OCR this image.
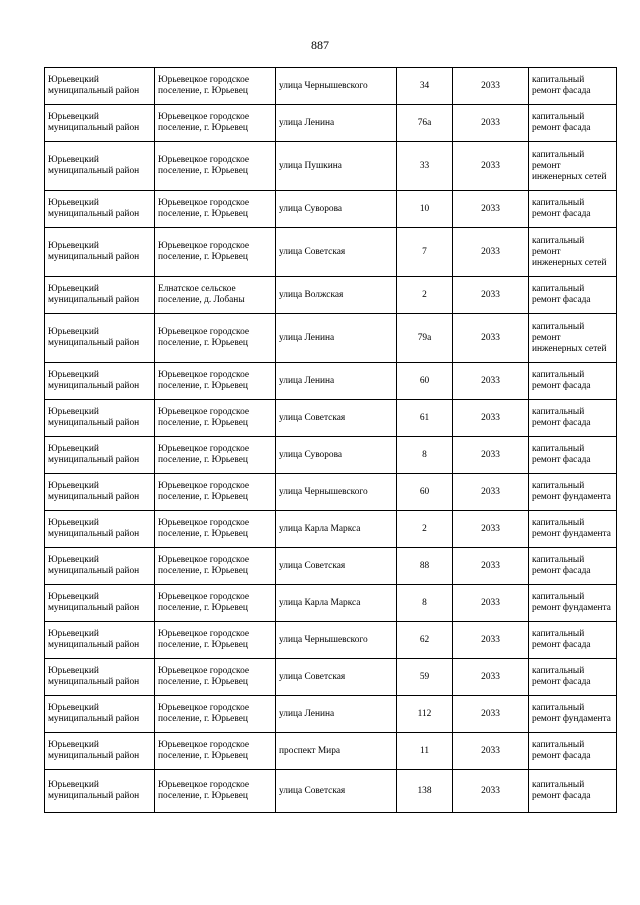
887
Юрьевецкий муниципальный район	Юрьевецкое городское поселение, г. Юрьевец	улица Чернышевского	34	2033	капитальный ремонт фасада
Юрьевецкий муниципальный район	Юрьевецкое городское поселение, г. Юрьевец	улица Ленина	76а	2033	капитальный ремонт фасада
Юрьевецкий муниципальный район	Юрьевецкое городское поселение, г. Юрьевец	улица Пушкина	33	2033	капитальный ремонт инженерных сетей
Юрьевецкий муниципальный район	Юрьевецкое городское поселение, г. Юрьевец	улица Суворова	10	2033	капитальный ремонт фасада
Юрьевецкий муниципальный район	Юрьевецкое городское поселение, г. Юрьевец	улица Советская	7	2033	капитальный ремонт инженерных сетей
Юрьевецкий муниципальный район	Елнатское сельское поселение, д. Лобаны	улица Волжская	2	2033	капитальный ремонт фасада
Юрьевецкий муниципальный район	Юрьевецкое городское поселение, г. Юрьевец	улица Ленина	79а	2033	капитальный ремонт инженерных сетей
Юрьевецкий муниципальный район	Юрьевецкое городское поселение, г. Юрьевец	улица Ленина	60	2033	капитальный ремонт фасада
Юрьевецкий муниципальный район	Юрьевецкое городское поселение, г. Юрьевец	улица Советская	61	2033	капитальный ремонт фасада
Юрьевецкий муниципальный район	Юрьевецкое городское поселение, г. Юрьевец	улица Суворова	8	2033	капитальный ремонт фасада
Юрьевецкий муниципальный район	Юрьевецкое городское поселение, г. Юрьевец	улица Чернышевского	60	2033	капитальный ремонт фундамента
Юрьевецкий муниципальный район	Юрьевецкое городское поселение, г. Юрьевец	улица Карла Маркса	2	2033	капитальный ремонт фундамента
Юрьевецкий муниципальный район	Юрьевецкое городское поселение, г. Юрьевец	улица Советская	88	2033	капитальный ремонт фасада
Юрьевецкий муниципальный район	Юрьевецкое городское поселение, г. Юрьевец	улица Карла Маркса	8	2033	капитальный ремонт фундамента
Юрьевецкий муниципальный район	Юрьевецкое городское поселение, г. Юрьевец	улица Чернышевского	62	2033	капитальный ремонт фасада
Юрьевецкий муниципальный район	Юрьевецкое городское поселение, г. Юрьевец	улица Советская	59	2033	капитальный ремонт фасада
Юрьевецкий муниципальный район	Юрьевецкое городское поселение, г. Юрьевец	улица Ленина	112	2033	капитальный ремонт фундамента
Юрьевецкий муниципальный район	Юрьевецкое городское поселение, г. Юрьевец	проспект Мира	11	2033	капитальный ремонт фасада
Юрьевецкий муниципальный район	Юрьевецкое городское поселение, г. Юрьевец	улица Советская	138	2033	капитальный ремонт фасада
